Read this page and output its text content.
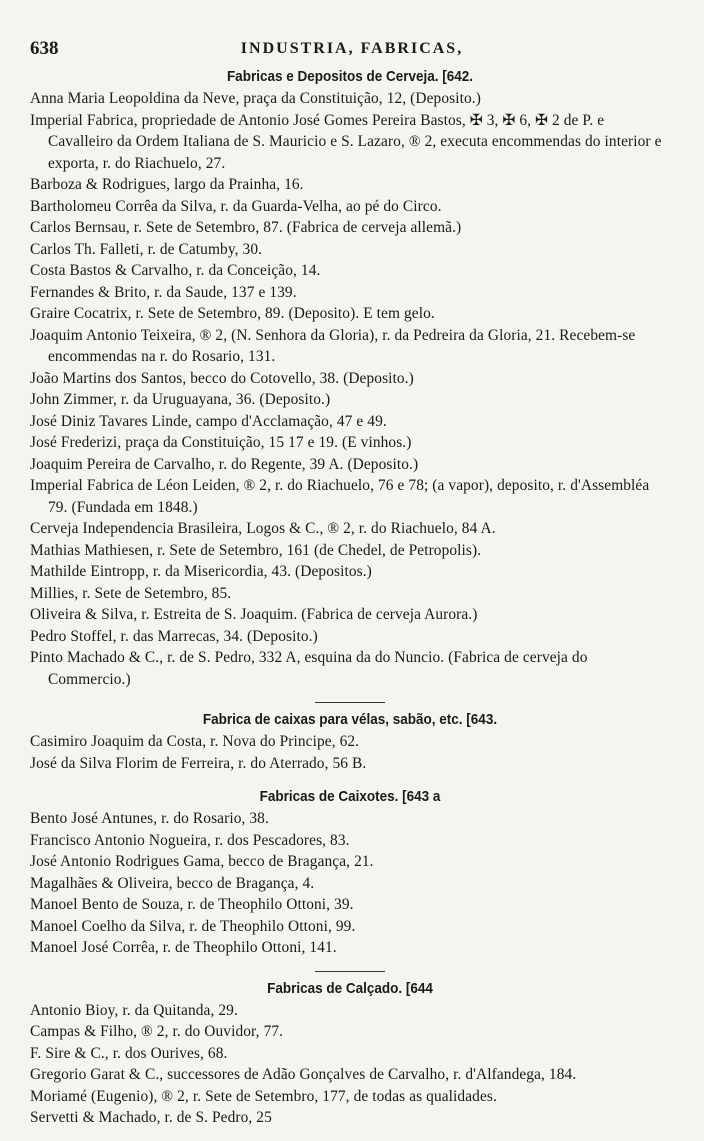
638	INDUSTRIA, FABRICAS,

Fabricas e Depositos de Cerveja. [642.

Anna Maria Leopoldina da Neve, praça da Constituição, 12, (Deposito.)

Imperial Fabrica, propriedade de Antonio José Gomes Pereira Bastos, ✠ 3, ✠ 6, ✠ 2 de P. e Cavalleiro da Ordem Italiana de S. Mauricio e S. Lazaro, ® 2, executa encommendas do interior e exporta, r. do Riachuelo, 27.

Barboza & Rodrigues, largo da Prainha, 16.

Bartholomeu Corrêa da Silva, r. da Guarda-Velha, ao pé do Circo.

Carlos Bernsau, r. Sete de Setembro, 87. (Fabrica de cerveja allemã.)

Carlos Th. Falleti, r. de Catumby, 30.

Costa Bastos & Carvalho, r. da Conceição, 14.

Fernandes & Brito, r. da Saude, 137 e 139.

Graire Cocatrix, r. Sete de Setembro, 89. (Deposito). E tem gelo.

Joaquim Antonio Teixeira, ® 2, (N. Senhora da Gloria), r. da Pedreira da Gloria, 21. Recebem-se encommendas na r. do Rosario, 131.

João Martins dos Santos, becco do Cotovello, 38. (Deposito.)

John Zimmer, r. da Uruguayana, 36. (Deposito.)

José Diniz Tavares Linde, campo d'Acclamação, 47 e 49.

José Frederizi, praça da Constituição, 15 17 e 19. (E vinhos.)

Joaquim Pereira de Carvalho, r. do Regente, 39 A. (Deposito.)

Imperial Fabrica de Léon Leiden, ® 2, r. do Riachuelo, 76 e 78; (a vapor), deposito, r. d'Assembléa 79. (Fundada em 1848.)

Cerveja Independencia Brasileira, Logos & C., ® 2, r. do Riachuelo, 84 A.

Mathias Mathiesen, r. Sete de Setembro, 161 (de Chedel, de Petropolis).

Mathilde Eintropp, r. da Misericordia, 43. (Depositos.)

Millies, r. Sete de Setembro, 85.

Oliveira & Silva, r. Estreita de S. Joaquim. (Fabrica de cerveja Aurora.)

Pedro Stoffel, r. das Marrecas, 34. (Deposito.)

Pinto Machado & C., r. de S. Pedro, 332 A, esquina da do Nuncio. (Fabrica de cerveja do Commercio.)

Fabrica de caixas para vélas, sabão, etc. [643.

Casimiro Joaquim da Costa, r. Nova do Principe, 62.

José da Silva Florim de Ferreira, r. do Aterrado, 56 B.

Fabricas de Caixotes. [643 a

Bento José Antunes, r. do Rosario, 38.

Francisco Antonio Nogueira, r. dos Pescadores, 83.

José Antonio Rodrigues Gama, becco de Bragança, 21.

Magalhães & Oliveira, becco de Bragança, 4.

Manoel Bento de Souza, r. de Theophilo Ottoni, 39.

Manoel Coelho da Silva, r. de Theophilo Ottoni, 99.

Manoel José Corrêa, r. de Theophilo Ottoni, 141.

Fabricas de Calçado. [644

Antonio Bioy, r. da Quitanda, 29.

Campas & Filho, ® 2, r. do Ouvidor, 77.

F. Sire & C., r. dos Ourives, 68.

Gregorio Garat & C., successores de Adão Gonçalves de Carvalho, r. d'Alfandega, 184.

Moriamé (Eugenio), ® 2, r. Sete de Setembro, 177, de todas as qualidades.

Servetti & Machado, r. de S. Pedro, 25
